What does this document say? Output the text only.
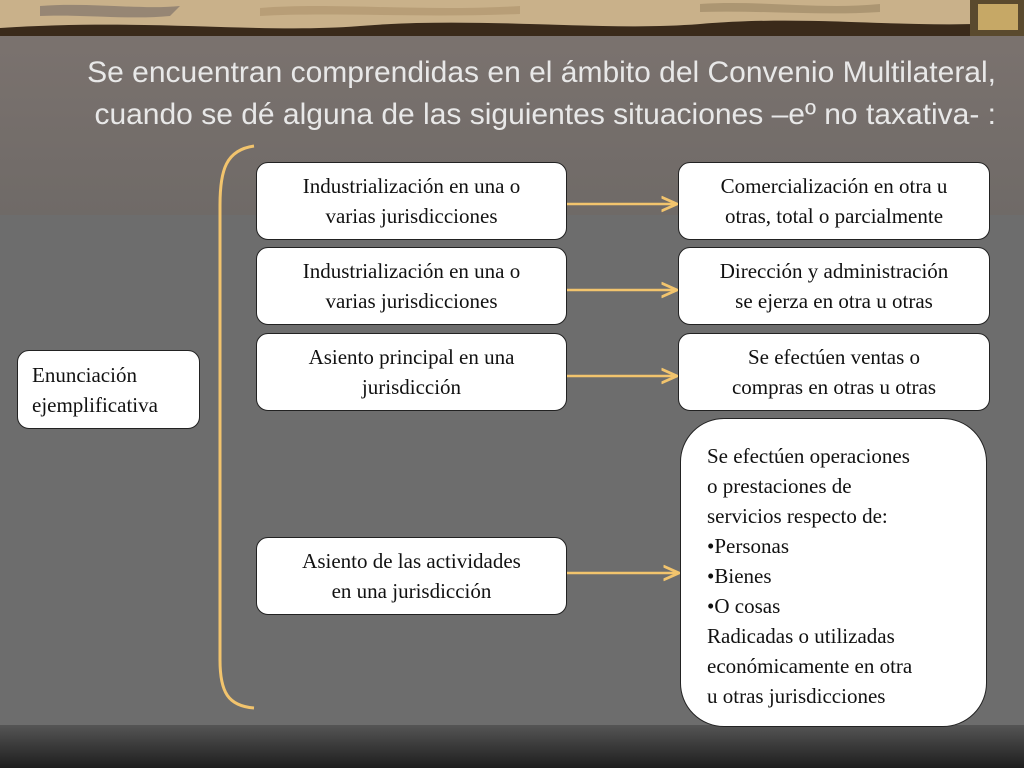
Se encuentran comprendidas en el ámbito del Convenio Multilateral,
cuando se dé alguna de las siguientes situaciones –eº no taxativa- :
Enunciación
ejemplificativa
Industrialización en una o
varias jurisdicciones
Comercialización en otra u
otras, total o parcialmente
Industrialización en una o
varias jurisdicciones
Dirección y administración
se ejerza en otra u otras
Asiento principal en una
jurisdicción
Se efectúen ventas o
compras en otras u otras
Asiento de las actividades
en una jurisdicción
Se efectúen operaciones
o prestaciones de
servicios respecto de:
•Personas
•Bienes
•O cosas
Radicadas o utilizadas
económicamente en otra
u otras jurisdicciones
